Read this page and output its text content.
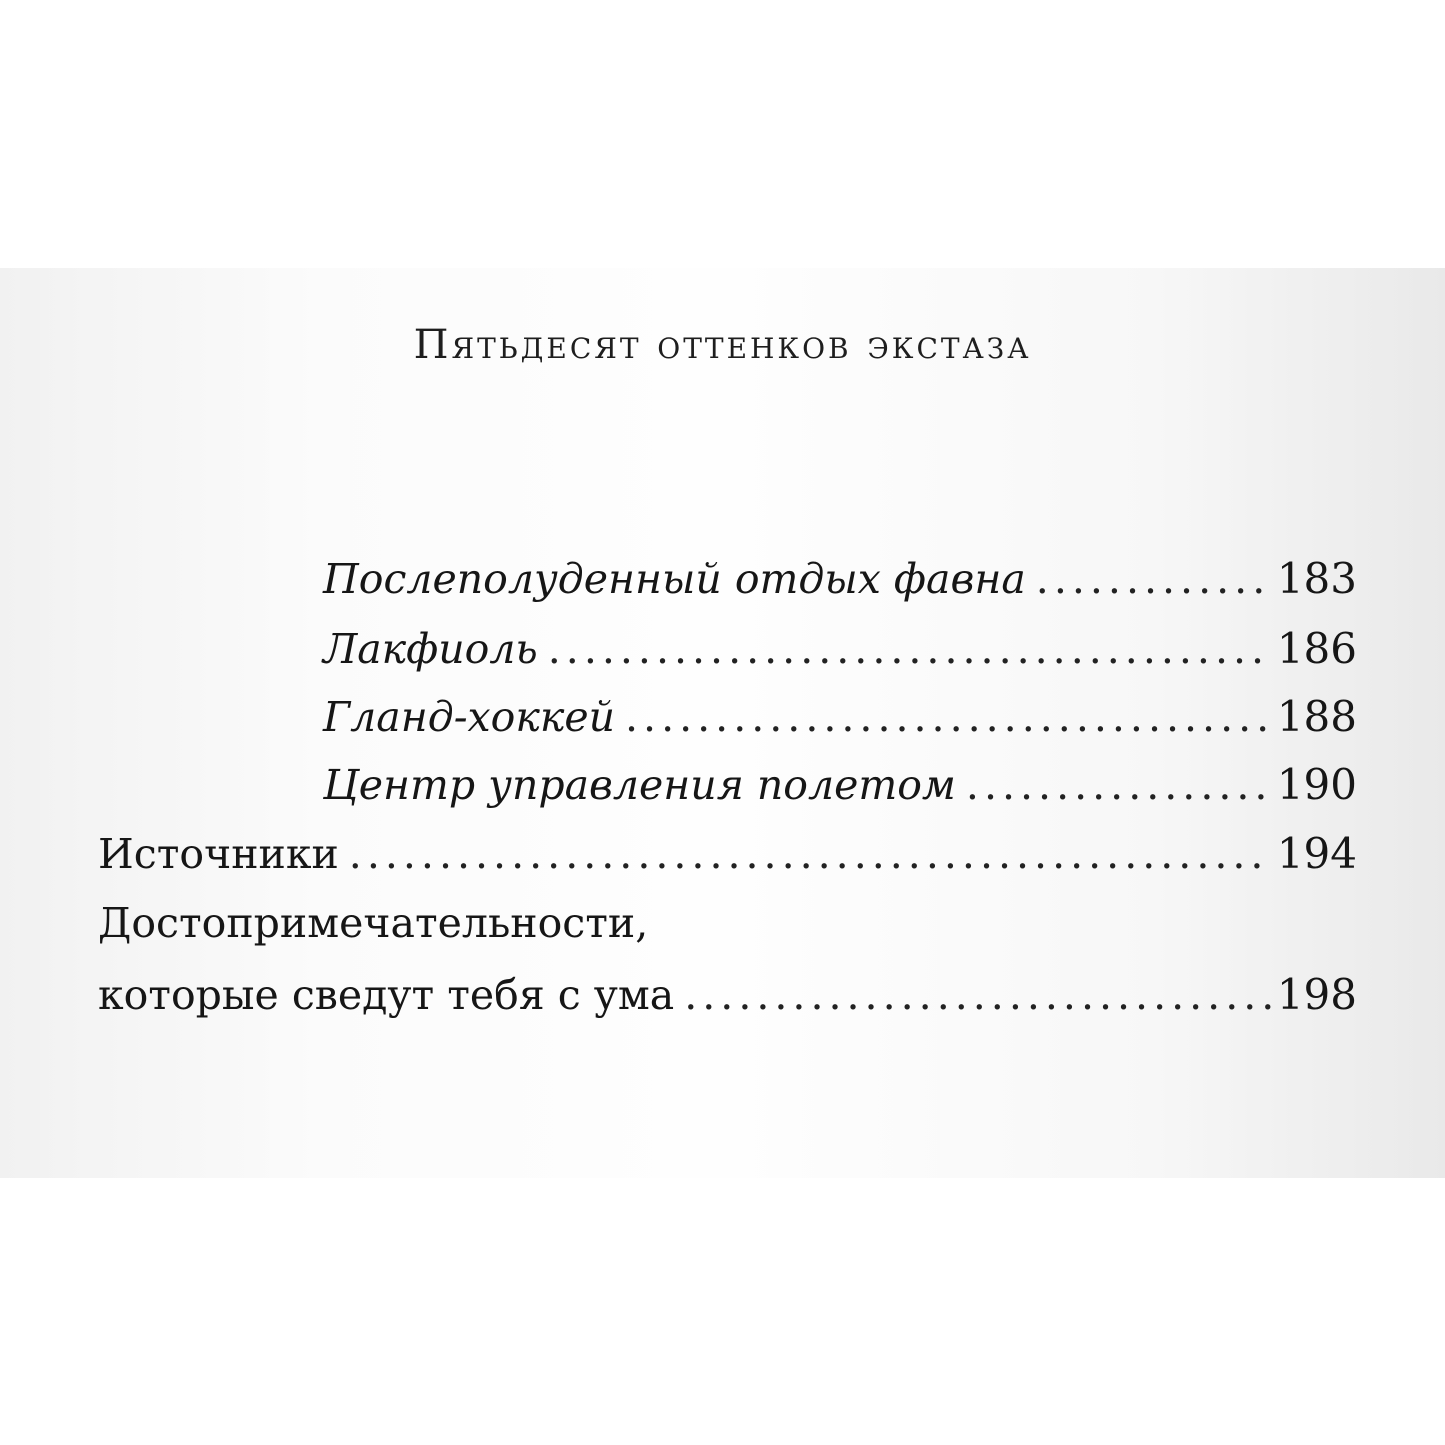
Пятьдесят оттенков экстаза
Послеполуденный отдых фавна .....	183
Лакфиоль .....	186
Гланд-хоккей .....	188
Центр управления полетом .....	190
Источники .....	194
Достопримечательности,
которые сведут тебя с ума .....	198
